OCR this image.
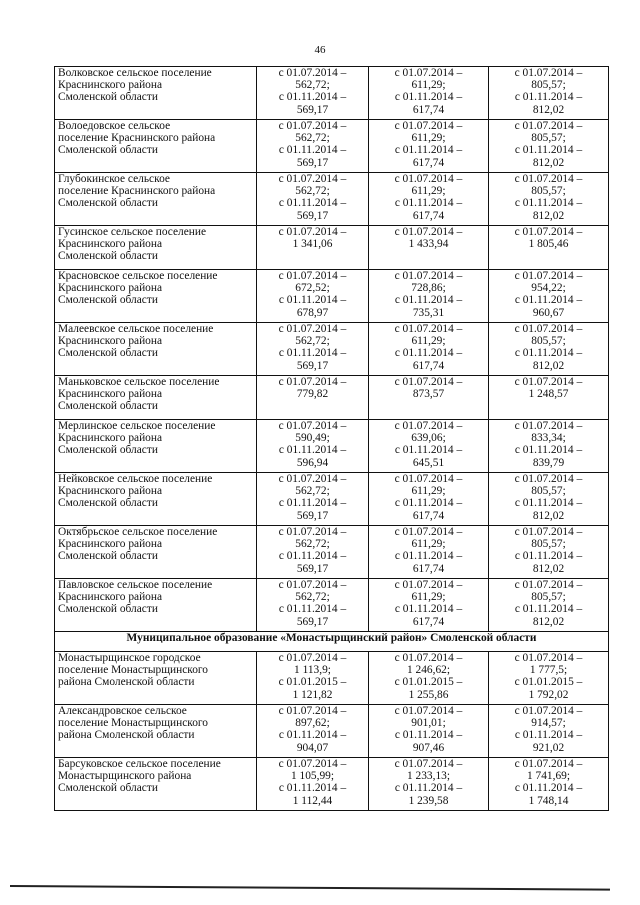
46
Волковское сельское поселение
Краснинского района
Смоленской области	с 01.07.2014 –
562,72;
с 01.11.2014 –
569,17	с 01.07.2014 –
611,29;
с 01.11.2014 –
617,74	с 01.07.2014 –
805,57;
с 01.11.2014 –
812,02

Волоедовское сельское
поселение Краснинского района
Смоленской области	с 01.07.2014 –
562,72;
с 01.11.2014 –
569,17	с 01.07.2014 –
611,29;
с 01.11.2014 –
617,74	с 01.07.2014 –
805,57;
с 01.11.2014 –
812,02

Глубокинское сельское
поселение Краснинского района
Смоленской области	с 01.07.2014 –
562,72;
с 01.11.2014 –
569,17	с 01.07.2014 –
611,29;
с 01.11.2014 –
617,74	с 01.07.2014 –
805,57;
с 01.11.2014 –
812,02

Гусинское сельское поселение
Краснинского района
Смоленской области	с 01.07.2014 –
1 341,06	с 01.07.2014 –
1 433,94	с 01.07.2014 –
1 805,46

Красновское сельское поселение
Краснинского района
Смоленской области	с 01.07.2014 –
672,52;
с 01.11.2014 –
678,97	с 01.07.2014 –
728,86;
с 01.11.2014 –
735,31	с 01.07.2014 –
954,22;
с 01.11.2014 –
960,67

Малеевское сельское поселение
Краснинского района
Смоленской области	с 01.07.2014 –
562,72;
с 01.11.2014 –
569,17	с 01.07.2014 –
611,29;
с 01.11.2014 –
617,74	с 01.07.2014 –
805,57;
с 01.11.2014 –
812,02

Маньковское сельское поселение
Краснинского района
Смоленской области	с 01.07.2014 –
779,82	с 01.07.2014 –
873,57	с 01.07.2014 –
1 248,57

Мерлинское сельское поселение
Краснинского района
Смоленской области	с 01.07.2014 –
590,49;
с 01.11.2014 –
596,94	с 01.07.2014 –
639,06;
с 01.11.2014 –
645,51	с 01.07.2014 –
833,34;
с 01.11.2014 –
839,79

Нейковское сельское поселение
Краснинского района
Смоленской области	с 01.07.2014 –
562,72;
с 01.11.2014 –
569,17	с 01.07.2014 –
611,29;
с 01.11.2014 –
617,74	с 01.07.2014 –
805,57;
с 01.11.2014 –
812,02

Октябрьское сельское поселение
Краснинского района
Смоленской области	с 01.07.2014 –
562,72;
с 01.11.2014 –
569,17	с 01.07.2014 –
611,29;
с 01.11.2014 –
617,74	с 01.07.2014 –
805,57;
с 01.11.2014 –
812,02

Павловское сельское поселение
Краснинского района
Смоленской области	с 01.07.2014 –
562,72;
с 01.11.2014 –
569,17	с 01.07.2014 –
611,29;
с 01.11.2014 –
617,74	с 01.07.2014 –
805,57;
с 01.11.2014 –
812,02

Муниципальное образование «Монастырщинский район» Смоленской области			

Монастырщинское городское
поселение Монастырщинского
района Смоленской области	с 01.07.2014 –
1 113,9;
с 01.01.2015 –
1 121,82	с 01.07.2014 –
1 246,62;
с 01.01.2015 –
1 255,86	с 01.07.2014 –
1 777,5;
с 01.01.2015 –
1 792,02

Александровское сельское
поселение Монастырщинского
района Смоленской области	с 01.07.2014 –
897,62;
с 01.11.2014 –
904,07	с 01.07.2014 –
901,01;
с 01.11.2014 –
907,46	с 01.07.2014 –
914,57;
с 01.11.2014 –
921,02

Барсуковское сельское поселение
Монастырщинского района
Смоленской области	с 01.07.2014 –
1 105,99;
с 01.11.2014 –
1 112,44	с 01.07.2014 –
1 233,13;
с 01.11.2014 –
1 239,58	с 01.07.2014 –
1 741,69;
с 01.11.2014 –
1 748,14
